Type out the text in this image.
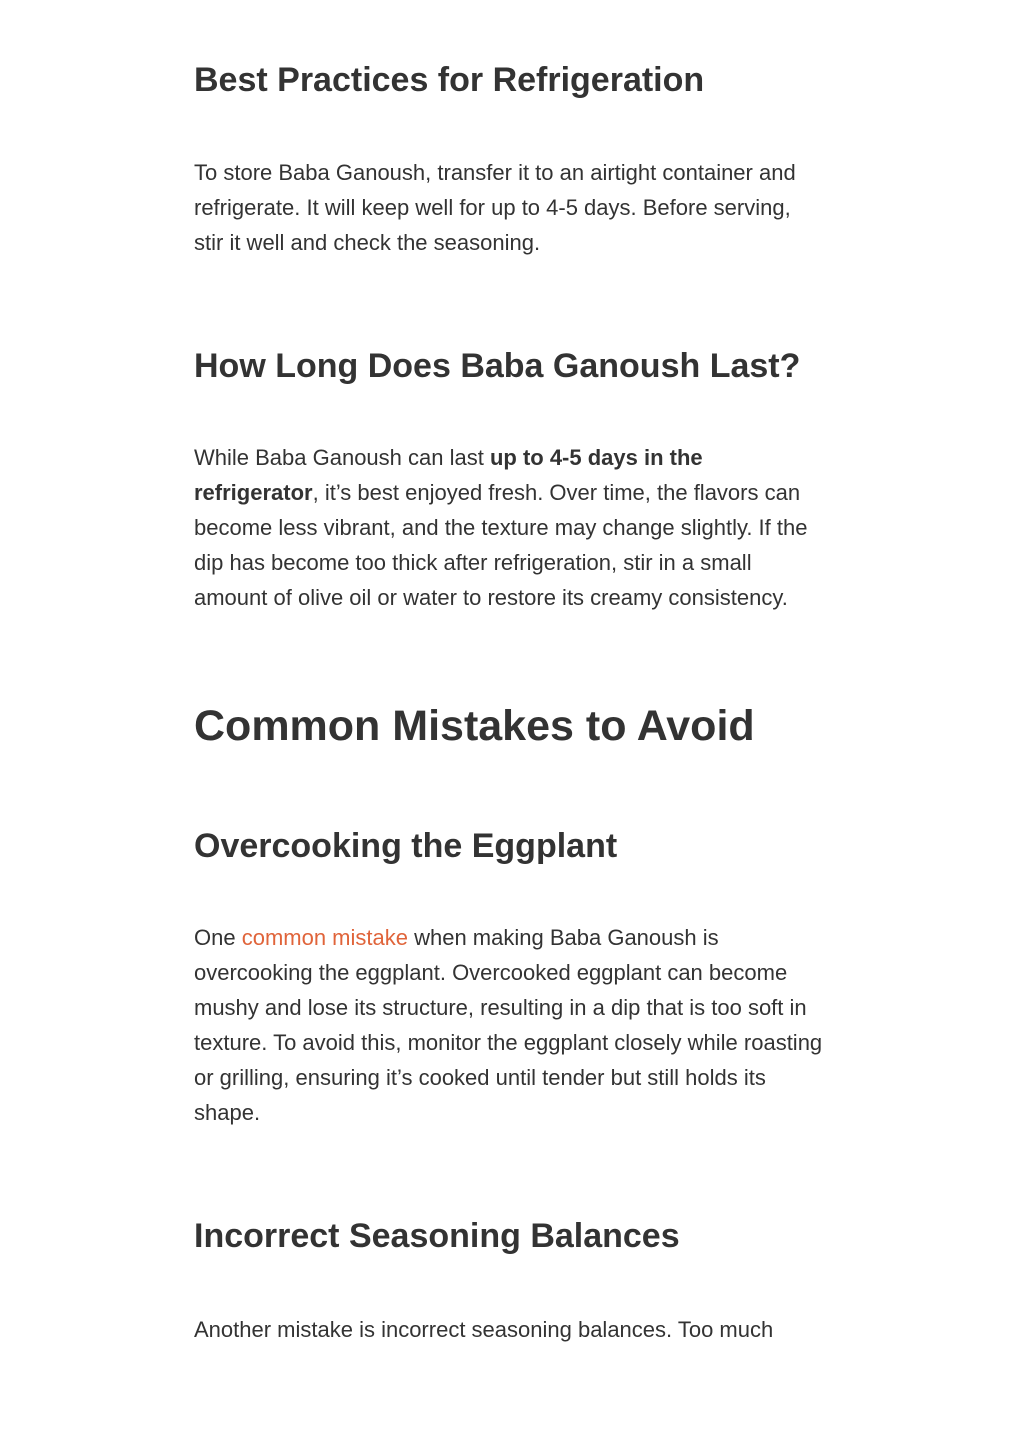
Best Practices for Refrigeration

To store Baba Ganoush, transfer it to an airtight container and
refrigerate. It will keep well for up to 4-5 days. Before serving,
stir it well and check the seasoning.

How Long Does Baba Ganoush Last?

While Baba Ganoush can last up to 4-5 days in the
refrigerator, it’s best enjoyed fresh. Over time, the flavors can
become less vibrant, and the texture may change slightly. If the
dip has become too thick after refrigeration, stir in a small
amount of olive oil or water to restore its creamy consistency.

Common Mistakes to Avoid
Overcooking the Eggplant

One common mistake when making Baba Ganoush is
overcooking the eggplant. Overcooked eggplant can become
mushy and lose its structure, resulting in a dip that is too soft in
texture. To avoid this, monitor the eggplant closely while roasting
or grilling, ensuring it’s cooked until tender but still holds its
shape.

Incorrect Seasoning Balances

Another mistake is incorrect seasoning balances. Too much
